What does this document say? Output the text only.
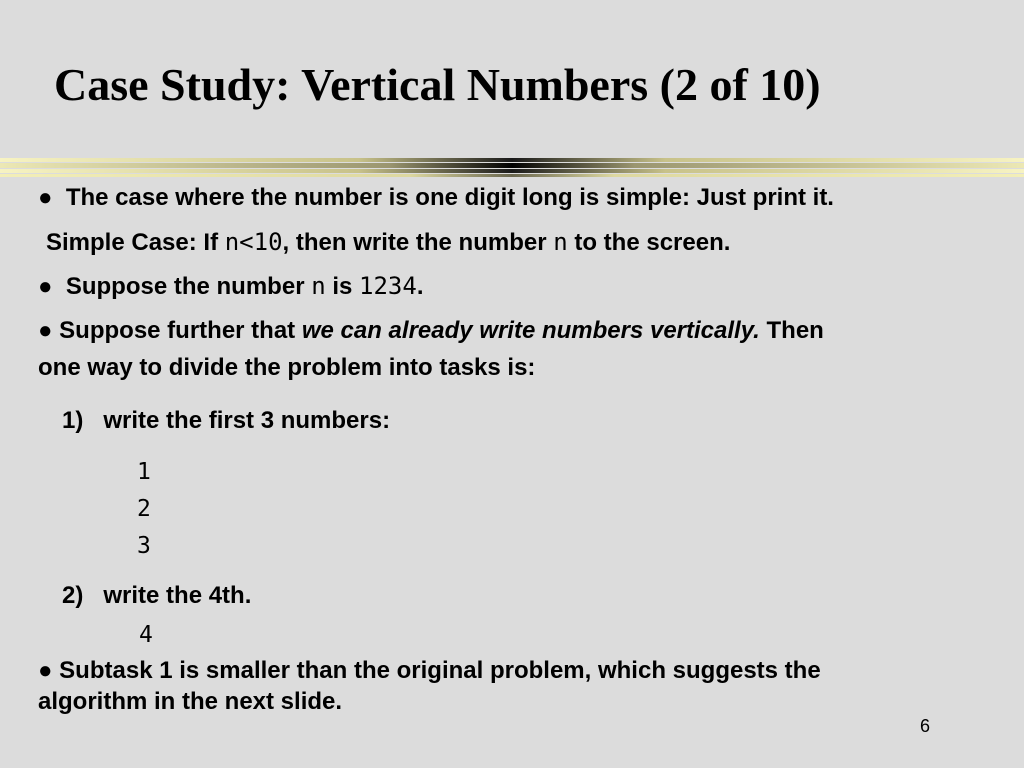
Case Study: Vertical Numbers (2 of 10)
● The case where the number is one digit long is simple: Just print it.
Simple Case: If n<10, then write the number n to the screen.
● Suppose the number n is 1234.
● Suppose further that we can already write numbers vertically. Then
one way to divide the problem into tasks is:
1) write the first 3 numbers:
1
2
3
2) write the 4th.
4
● Subtask 1 is smaller than the original problem, which suggests the
algorithm in the next slide.
6
